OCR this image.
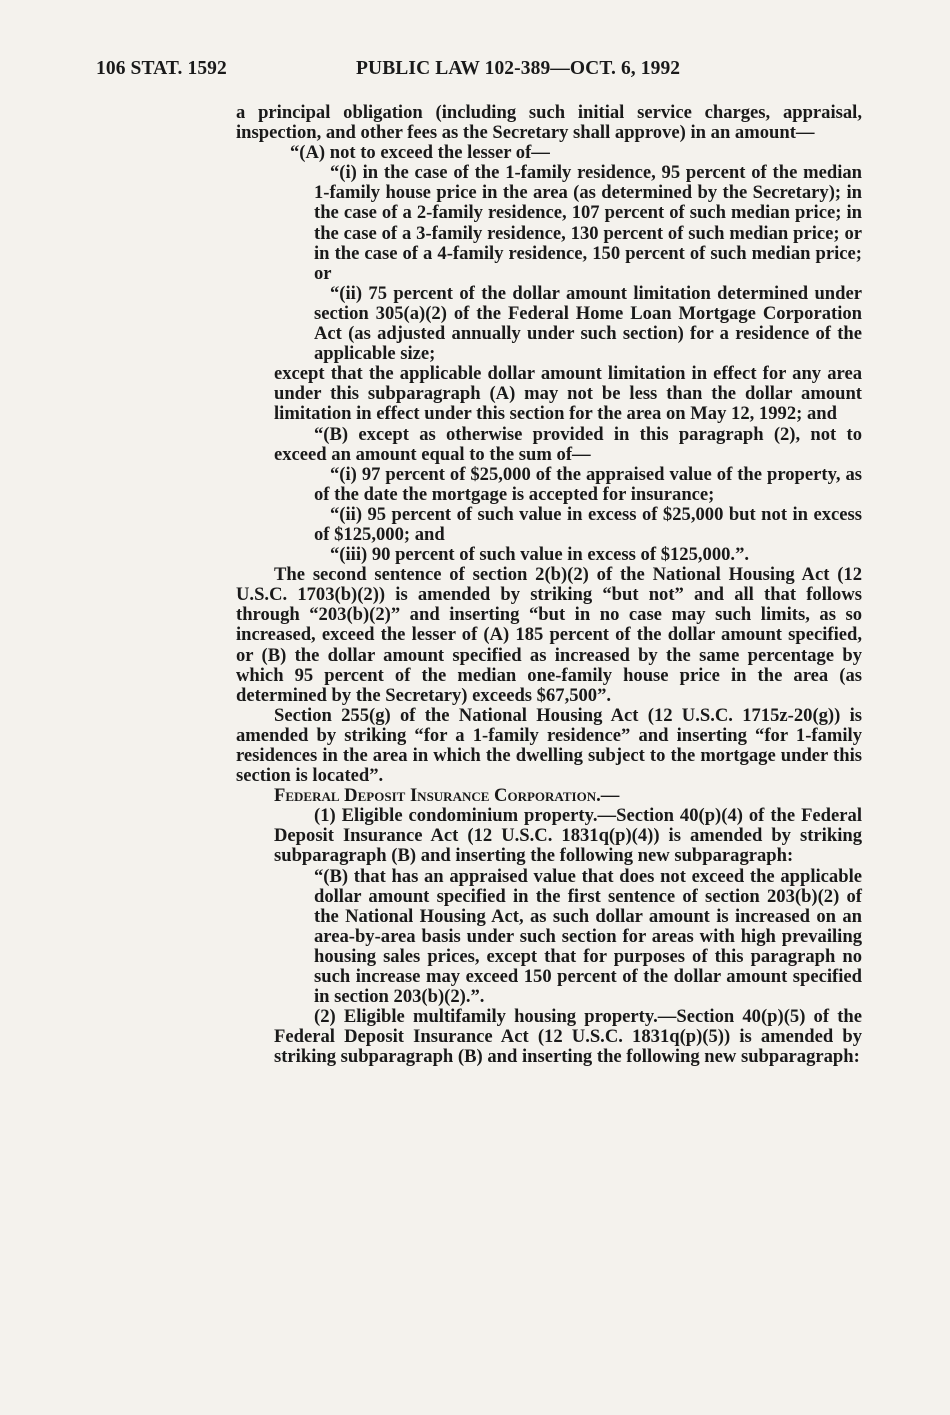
106 STAT. 1592	PUBLIC LAW 102-389—OCT. 6, 1992

a principal obligation (including such initial service charges, appraisal, inspection, and other fees as the Secretary shall approve) in an amount—

“(A) not to exceed the lesser of—

“(i) in the case of the 1-family residence, 95 percent of the median 1-family house price in the area (as determined by the Secretary); in the case of a 2-family residence, 107 percent of such median price; in the case of a 3-family residence, 130 percent of such median price; or in the case of a 4-family residence, 150 percent of such median price; or

“(ii) 75 percent of the dollar amount limitation determined under section 305(a)(2) of the Federal Home Loan Mortgage Corporation Act (as adjusted annually under such section) for a residence of the applicable size;

except that the applicable dollar amount limitation in effect for any area under this subparagraph (A) may not be less than the dollar amount limitation in effect under this section for the area on May 12, 1992; and

“(B) except as otherwise provided in this paragraph (2), not to exceed an amount equal to the sum of—

“(i) 97 percent of $25,000 of the appraised value of the property, as of the date the mortgage is accepted for insurance;

“(ii) 95 percent of such value in excess of $25,000 but not in excess of $125,000; and

“(iii) 90 percent of such value in excess of $125,000.”.

The second sentence of section 2(b)(2) of the National Housing Act (12 U.S.C. 1703(b)(2)) is amended by striking “but not” and all that follows through “203(b)(2)” and inserting “but in no case may such limits, as so increased, exceed the lesser of (A) 185 percent of the dollar amount specified, or (B) the dollar amount specified as increased by the same percentage by which 95 percent of the median one-family house price in the area (as determined by the Secretary) exceeds $67,500”.

Section 255(g) of the National Housing Act (12 U.S.C. 1715z-20(g)) is amended by striking “for a 1-family residence” and inserting “for 1-family residences in the area in which the dwelling subject to the mortgage under this section is located”.

Federal Deposit Insurance Corporation.—

(1) Eligible condominium property.—Section 40(p)(4) of the Federal Deposit Insurance Act (12 U.S.C. 1831q(p)(4)) is amended by striking subparagraph (B) and inserting the following new subparagraph:

“(B) that has an appraised value that does not exceed the applicable dollar amount specified in the first sentence of section 203(b)(2) of the National Housing Act, as such dollar amount is increased on an area-by-area basis under such section for areas with high prevailing housing sales prices, except that for purposes of this paragraph no such increase may exceed 150 percent of the dollar amount specified in section 203(b)(2).”.

(2) Eligible multifamily housing property.—Section 40(p)(5) of the Federal Deposit Insurance Act (12 U.S.C. 1831q(p)(5)) is amended by striking subparagraph (B) and inserting the following new subparagraph:
